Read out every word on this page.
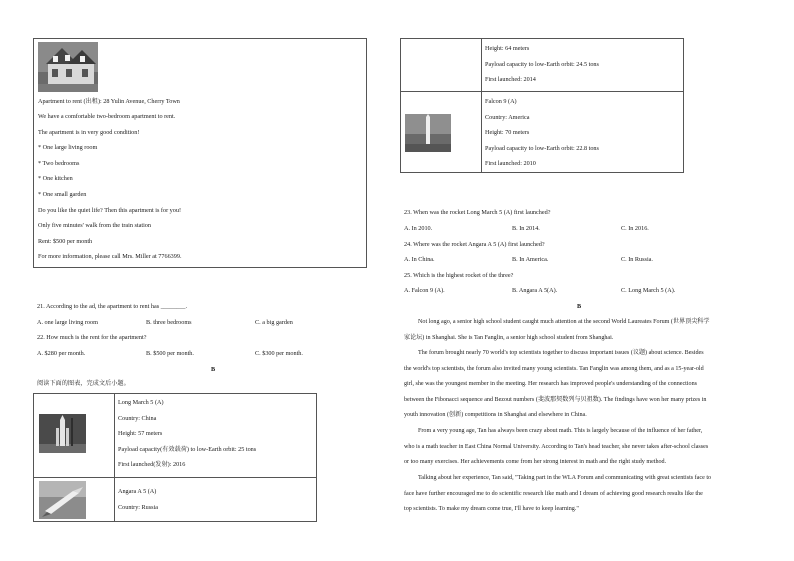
Apartment to rent (出租): 28 Yulin Avenue, Cherry Town
We have a comfortable two-bedroom apartment to rent.
The apartment is in very good condition!
* One large living room
* Two bedrooms
* One kitchen
* One small garden
Do you like the quiet life? Then this apartment is for you!
Only five minutes' walk from the train station
Rent: $500 per month
For more information, please call Mrs. Miller at 7766399.
21. According to the ad, the apartment to rent has ________.
A. one large living room	B. three bedrooms	C. a big garden
22. How much is the rent for the apartment?
A. $280 per month.	B. $500 per month.	C. $300 per month.
B
阅读下面的图表，完成文后小题。
Long March 5 (A)
Country: China
Height: 57 meters
Payload capacity(有效载荷) to low-Earth orbit: 25 tons
First launched(发射): 2016
Angara A 5 (A)
Country: Russia
Height: 64 meters
Payload capacity to low-Earth orbit: 24.5 tons
First launched: 2014
Falcon 9 (A)
Country: America
Height: 70 meters
Payload capacity to low-Earth orbit: 22.8 tons
First launched: 2010
23. When was the rocket Long March 5 (A) first launched?
A. In 2010.	B. In 2014.	C. In 2016.
24. Where was the rocket Angara A 5 (A) first launched?
A. In China.	B. In America.	C. In Russia.
25. Which is the highest rocket of the three?
A. Falcon 9 (A).	B. Angara A 5(A).	C. Long March 5 (A).
B
Not long ago, a senior high school student caught much attention at the second World Laureates Forum (世界顶尖科学
家论坛) in Shanghai. She is Tan Fanglin, a senior high school student from Shanghai.
The forum brought nearly 70 world's top scientists together to discuss important issues (议题) about science. Besides
the world's top scientists, the forum also invited many young scientists. Tan Fanglin was among them, and as a 15-year-old
girl, she was the youngest member in the meeting. Her research has improved people's understanding of the connections
between the Fibonacci sequence and Bezout numbers (斐波那契数列与贝祖数). The findings have won her many prizes in
youth innovation (创新) competitions in Shanghai and elsewhere in China.
From a very young age, Tan has always been crazy about math. This is largely because of the influence of her father,
who is a math teacher in East China Normal University. According to Tan's head teacher, she never takes after-school classes
or too many exercises. Her achievements come from her strong interest in math and the right study method.
Talking about her experience, Tan said, "Taking part in the WLA Forum and communicating with great scientists face to
face have further encouraged me to do scientific research like math and I dream of achieving good research results like the
top scientists. To make my dream come true, I'll have to keep learning."
